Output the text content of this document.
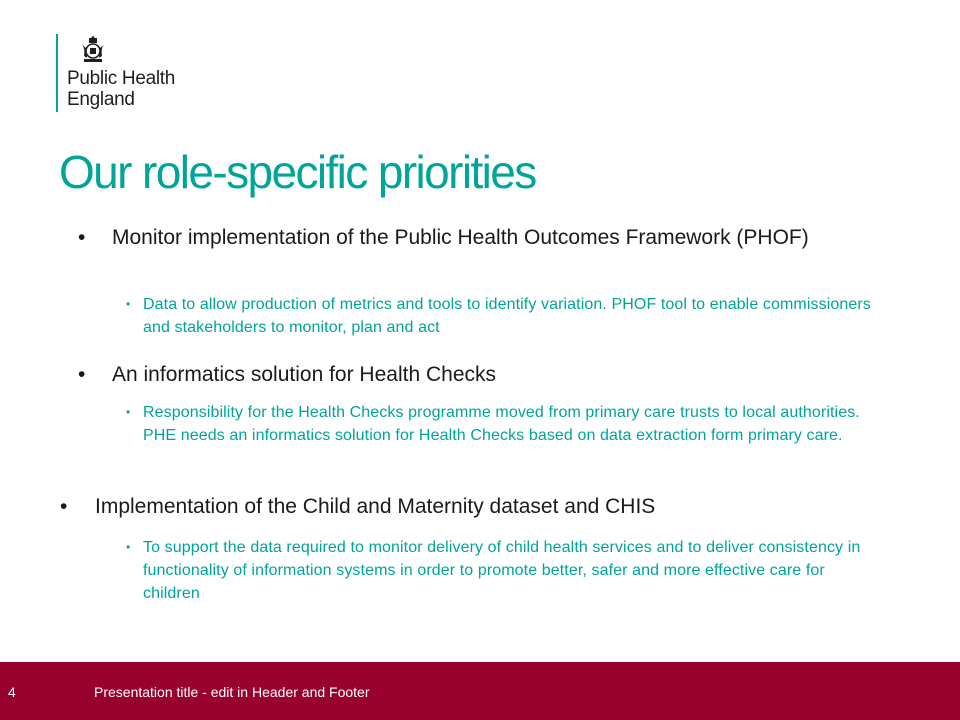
Public Health
England
Our role-specific priorities
•	Monitor implementation of the Public Health Outcomes Framework (PHOF)
• Data to allow production of metrics and tools to identify variation. PHOF tool to enable commissioners and stakeholders to monitor, plan and act
•	An informatics solution for Health Checks
• Responsibility for the Health Checks programme moved from primary care trusts to local authorities.   PHE needs an informatics solution for Health Checks based on data extraction form primary care.
•	Implementation of the Child and Maternity dataset and CHIS
• To support the data required to monitor delivery of child health services and to deliver consistency in functionality of information systems in order to promote better, safer and more effective care for children
4	Presentation title - edit in Header and Footer
